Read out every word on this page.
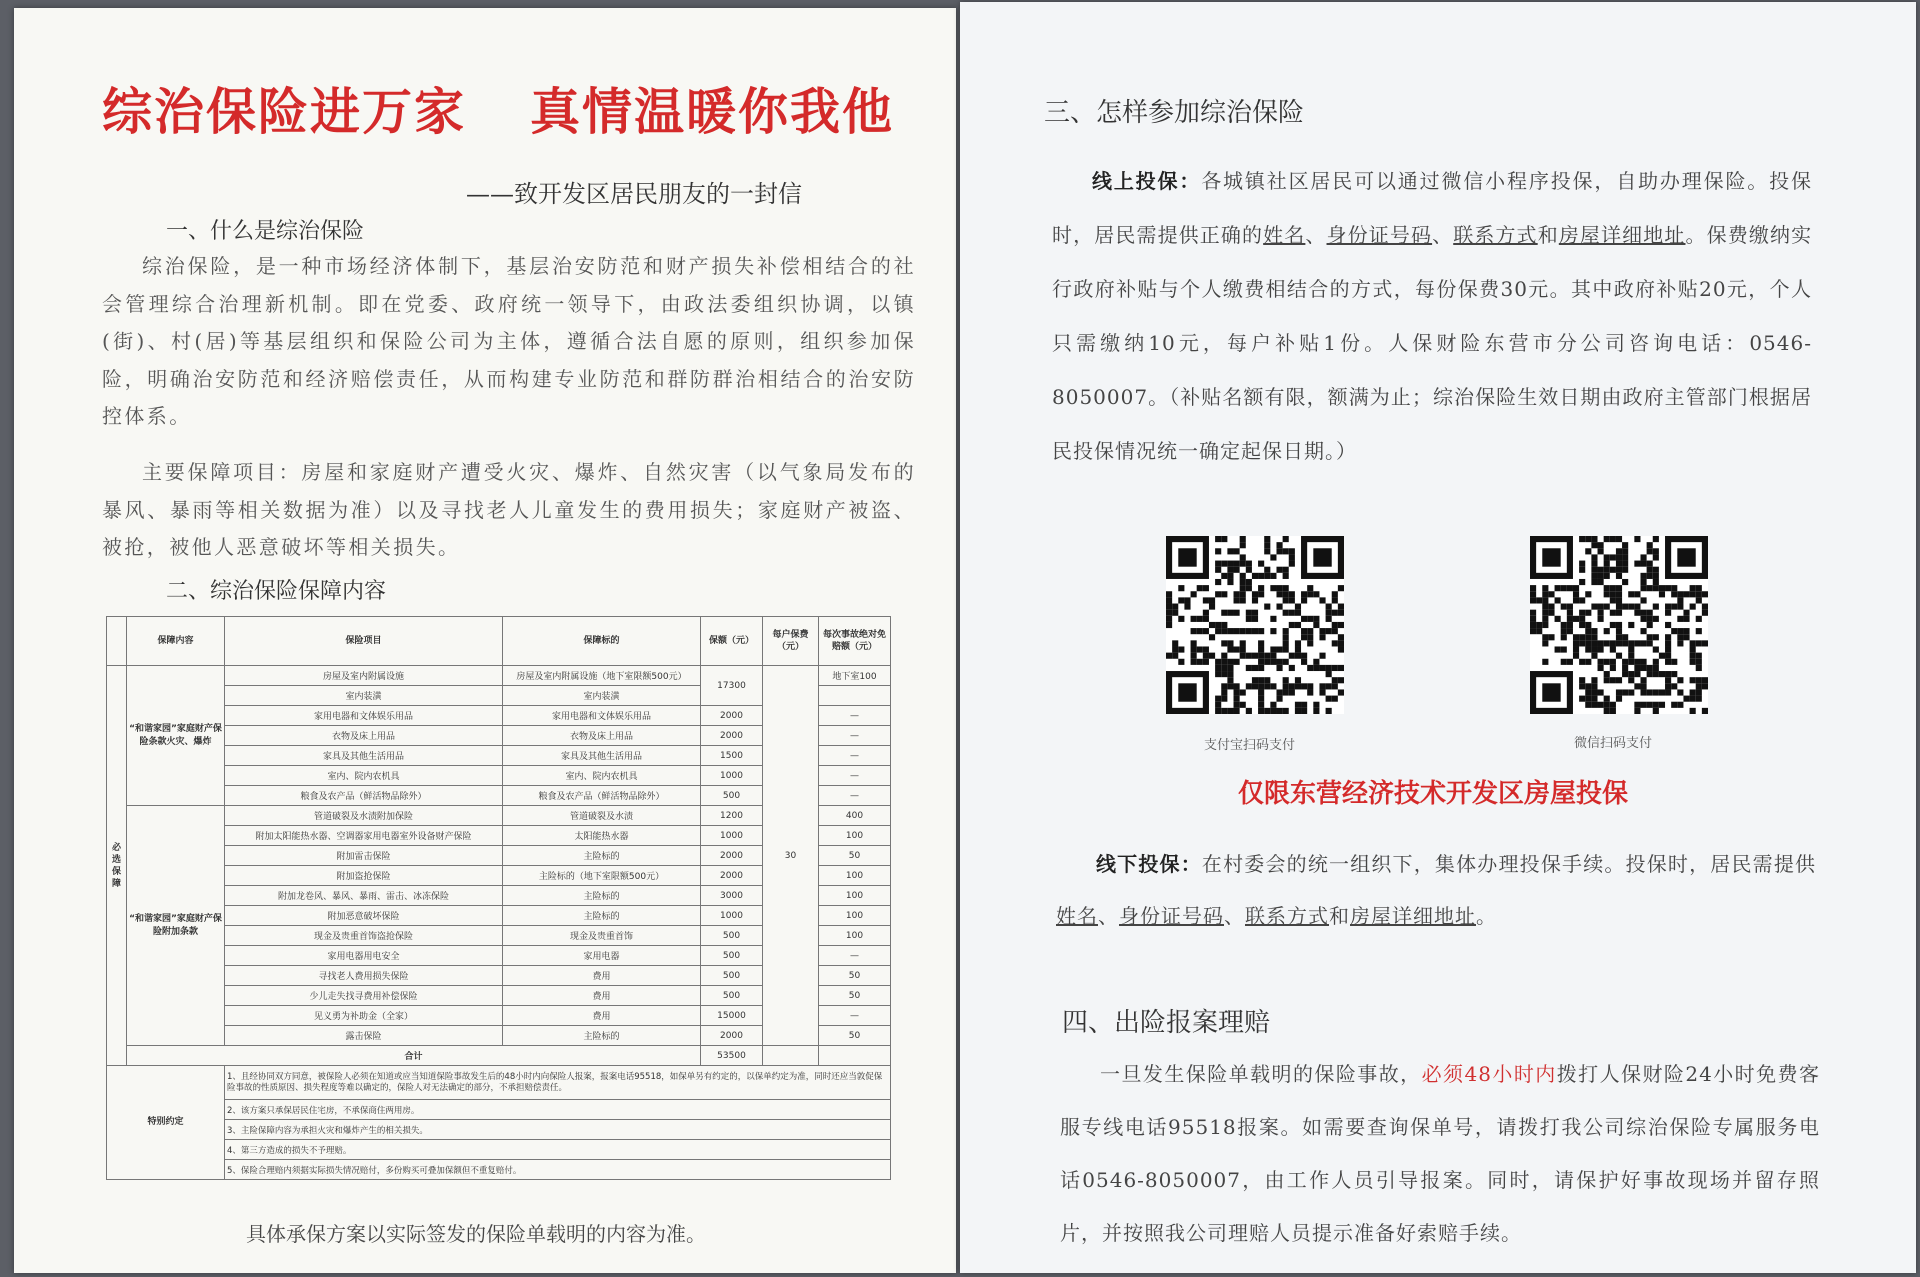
综治保险进万家 真情温暖你我他
——致开发区居民朋友的一封信
一、什么是综治保险

综治保险，是一种市场经济体制下，基层治安防范和财产损失补偿相结合的社会管理综合治理新机制。即在党委、政府统一领导下，由政法委组织协调，以镇(街)、村(居)等基层组织和保险公司为主体，遵循合法自愿的原则，组织参加保险，明确治安防范和经济赔偿责任，从而构建专业防范和群防群治相结合的治安防控体系。

主要保障项目：房屋和家庭财产遭受火灾、爆炸、自然灾害（以气象局发布的暴风、暴雨等相关数据为准）以及寻找老人儿童发生的费用损失；家庭财产被盗、被抢，被他人恶意破坏等相关损失。

二、综治保险保障内容
	保障内容	保险项目	保障标的	保额（元）	每户保费（元）	每次事故绝对免赔额（元）
必选保障	“和谐家园”家庭财产保险条款火灾、爆炸	房屋及室内附属设施	房屋及室内附属设施（地下室限额500元）	17300	30	地下室100
		室内装潢	室内装潢			
		家用电器和文体娱乐用品	家用电器和文体娱乐用品	2000		—
		衣物及床上用品	衣物及床上用品	2000		—
		家具及其他生活用品	家具及其他生活用品	1500		—
		室内、院内农机具	室内、院内农机具	1000		—
		粮食及农产品（鲜活物品除外）	粮食及农产品（鲜活物品除外）	500		—
	“和谐家园”家庭财产保险附加条款	管道破裂及水渍附加保险	管道破裂及水渍	1200		400
		附加太阳能热水器、空调器家用电器室外设备财产保险	太阳能热水器	1000		100
		附加雷击保险	主险标的	2000		50
		附加盗抢保险	主险标的（地下室限额500元）	2000		100
		附加龙卷风、暴风、暴雨、雷击、冰冻保险	主险标的	3000		100
		附加恶意破坏保险	主险标的	1000		100
		现金及贵重首饰盗抢保险	现金及贵重首饰	500		100
		家用电器用电安全	家用电器	500		—
		寻找老人费用损失保险	费用	500		50
		少儿走失找寻费用补偿保险	费用	500		50
		见义勇为补助金（全家）	费用	15000		—
		露击保险	主险标的	2000		50
	合计			53500		
特别约定		1、且经协同双方同意，被保险人必须在知道或应当知道保险事故发生后的48小时内向保险人报案，报案电话95518，如保单另有约定的，以保单约定为准，同时还应当敦促保险事故的性质原因、损失程度等难以确定的，保险人对无法确定的部分，不承担赔偿责任。				
		2、该方案只承保居民住宅房，不承保商住两用房。				
		3、主险保障内容为承担火灾和爆炸产生的相关损失。				
		4、第三方造成的损失不予理赔。				
		5、保险合理赔内须据实际损失情况赔付，多份购买可叠加保额但不重复赔付。				
具体承保方案以实际签发的保险单载明的内容为准。
三、怎样参加综治保险

线上投保：各城镇社区居民可以通过微信小程序投保，自助办理保险。投保时，居民需提供正确的姓名、身份证号码、联系方式和房屋详细地址。保费缴纳实行政府补贴与个人缴费相结合的方式，每份保费30元。其中政府补贴20元，个人只需缴纳10元，每户补贴1份。人保财险东营市分公司咨询电话：0546-8050007。（补贴名额有限，额满为止；综治保险生效日期由政府主管部门根据居民投保情况统一确定起保日期。）

支付宝扫码支付	微信扫码支付
仅限东营经济技术开发区房屋投保

线下投保：在村委会的统一组织下，集体办理投保手续。投保时，居民需提供姓名、身份证号码、联系方式和房屋详细地址。

四、出险报案理赔

一旦发生保险单载明的保险事故，必须48小时内拨打人保财险24小时免费客服专线电话95518报案。如需要查询保单号，请拨打我公司综治保险专属服务电话0546-8050007，由工作人员引导报案。同时，请保护好事故现场并留存照片，并按照我公司理赔人员提示准备好索赔手续。
